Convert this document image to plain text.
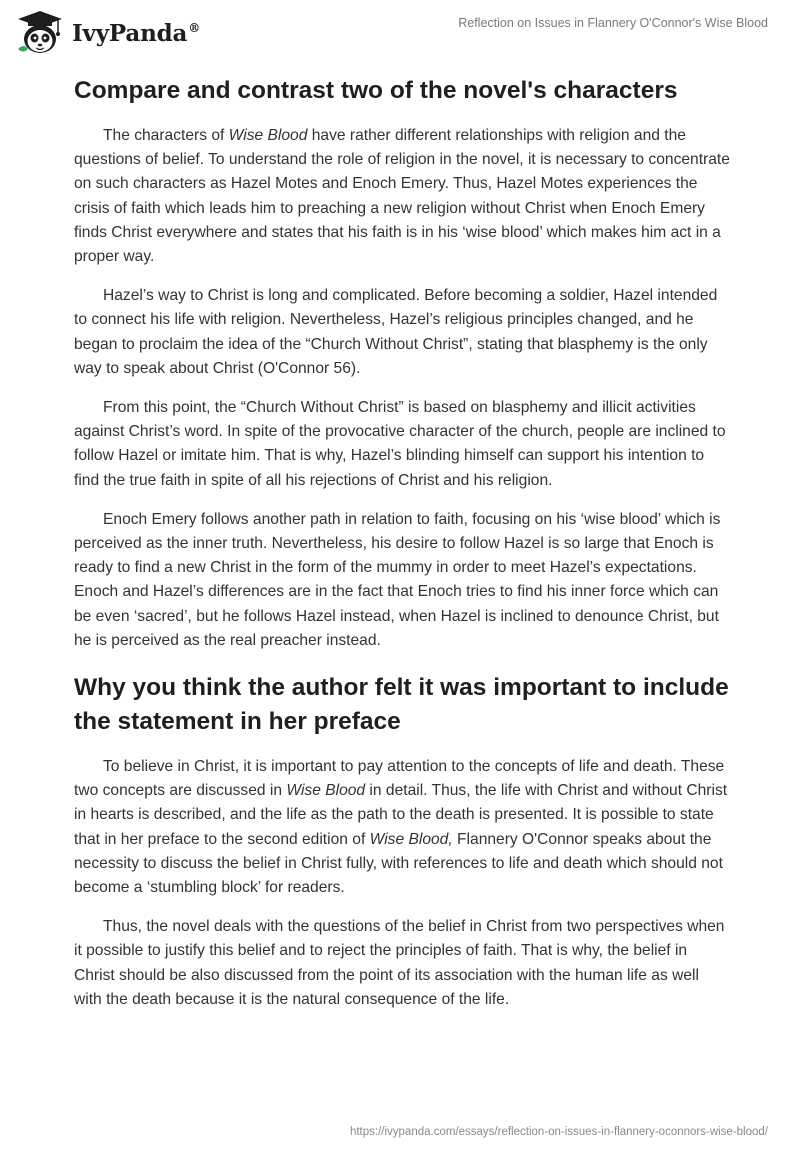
IvyPanda®	Reflection on Issues in Flannery O'Connor's Wise Blood
Compare and contrast two of the novel's characters

The characters of Wise Blood have rather different relationships with religion and the questions of belief. To understand the role of religion in the novel, it is necessary to concentrate on such characters as Hazel Motes and Enoch Emery. Thus, Hazel Motes experiences the crisis of faith which leads him to preaching a new religion without Christ when Enoch Emery finds Christ everywhere and states that his faith is in his ‘wise blood’ which makes him act in a proper way.

Hazel’s way to Christ is long and complicated. Before becoming a soldier, Hazel intended to connect his life with religion. Nevertheless, Hazel’s religious principles changed, and he began to proclaim the idea of the “Church Without Christ”, stating that blasphemy is the only way to speak about Christ (O'Connor 56).

From this point, the “Church Without Christ” is based on blasphemy and illicit activities against Christ’s word. In spite of the provocative character of the church, people are inclined to follow Hazel or imitate him. That is why, Hazel’s blinding himself can support his intention to find the true faith in spite of all his rejections of Christ and his religion.

Enoch Emery follows another path in relation to faith, focusing on his ‘wise blood’ which is perceived as the inner truth. Nevertheless, his desire to follow Hazel is so large that Enoch is ready to find a new Christ in the form of the mummy in order to meet Hazel’s expectations. Enoch and Hazel’s differences are in the fact that Enoch tries to find his inner force which can be even ‘sacred’, but he follows Hazel instead, when Hazel is inclined to denounce Christ, but he is perceived as the real preacher instead.

Why you think the author felt it was important to include the statement in her preface

To believe in Christ, it is important to pay attention to the concepts of life and death. These two concepts are discussed in Wise Blood in detail. Thus, the life with Christ and without Christ in hearts is described, and the life as the path to the death is presented. It is possible to state that in her preface to the second edition of Wise Blood, Flannery O'Connor speaks about the necessity to discuss the belief in Christ fully, with references to life and death which should not become a ‘stumbling block’ for readers.

Thus, the novel deals with the questions of the belief in Christ from two perspectives when it possible to justify this belief and to reject the principles of faith. That is why, the belief in Christ should be also discussed from the point of its association with the human life as well with the death because it is the natural consequence of the life.

https://ivypanda.com/essays/reflection-on-issues-in-flannery-oconnors-wise-blood/
